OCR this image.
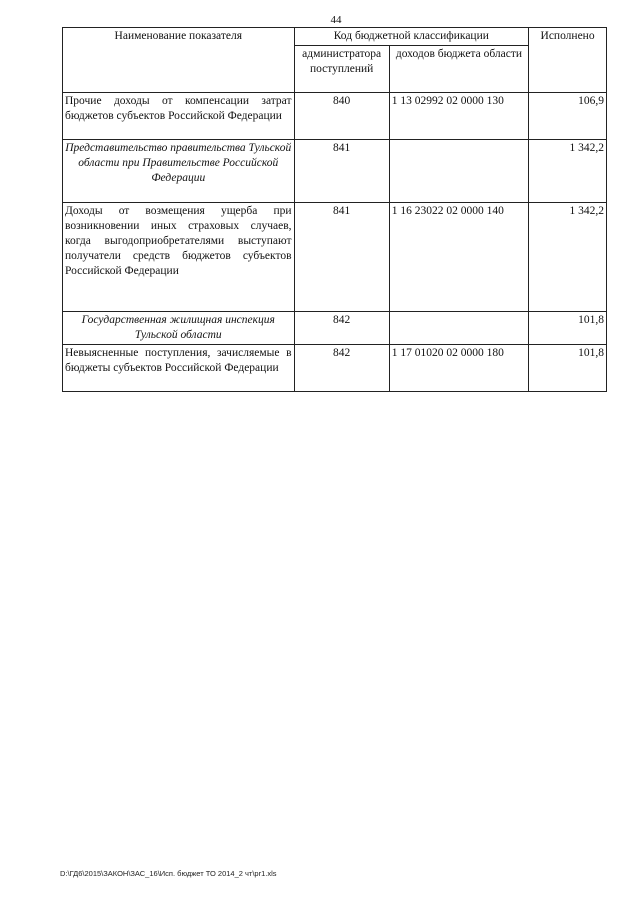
44
Наименование показателя	Код бюджетной классификации		Исполнено
	администратора поступлений	доходов бюджета области	
Прочие доходы от компенсации затрат бюджетов субъектов Российской Федерации	840	1 13 02992 02 0000 130	106,9
Представительство правительства Тульской области при Правительстве Российской Федерации	841		1 342,2
Доходы от возмещения ущерба при возникновении иных страховых случаев, когда выгодоприобретателями выступают получатели средств бюджетов субъектов Российской Федерации	841	1 16 23022 02 0000 140	1 342,2
Государственная жилищная инспекция Тульской области	842		101,8
Невыясненные поступления, зачисляемые в бюджеты субъектов Российской Федерации	842	1 17 01020 02 0000 180	101,8
D:\ГД6\2015\ЗАКОН\ЗАС_16\Исп. бюджет ТО 2014_2 чт\pr1.xls
